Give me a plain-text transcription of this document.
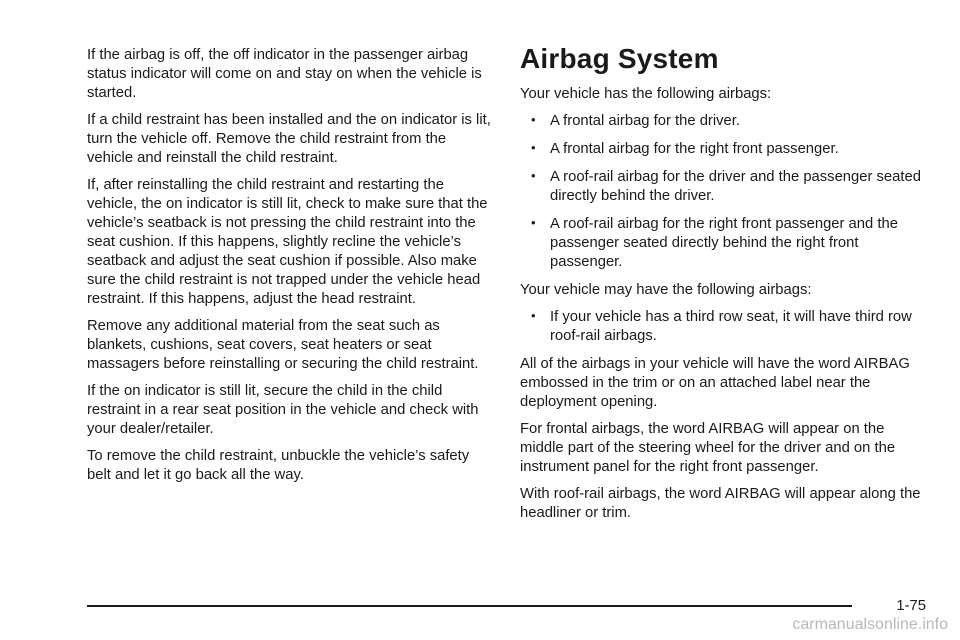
If the airbag is off, the off indicator in the passenger airbag status indicator will come on and stay on when the vehicle is started.

If a child restraint has been installed and the on indicator is lit, turn the vehicle off. Remove the child restraint from the vehicle and reinstall the child restraint.

If, after reinstalling the child restraint and restarting the vehicle, the on indicator is still lit, check to make sure that the vehicle’s seatback is not pressing the child restraint into the seat cushion. If this happens, slightly recline the vehicle’s seatback and adjust the seat cushion if possible. Also make sure the child restraint is not trapped under the vehicle head restraint. If this happens, adjust the head restraint.

Remove any additional material from the seat such as blankets, cushions, seat covers, seat heaters or seat massagers before reinstalling or securing the child restraint.

If the on indicator is still lit, secure the child in the child restraint in a rear seat position in the vehicle and check with your dealer/retailer.

To remove the child restraint, unbuckle the vehicle’s safety belt and let it go back all the way.

Airbag System

Your vehicle has the following airbags:

• A frontal airbag for the driver.
• A frontal airbag for the right front passenger.
• A roof-rail airbag for the driver and the passenger seated directly behind the driver.
• A roof-rail airbag for the right front passenger and the passenger seated directly behind the right front passenger.

Your vehicle may have the following airbags:

• If your vehicle has a third row seat, it will have third row roof-rail airbags.

All of the airbags in your vehicle will have the word AIRBAG embossed in the trim or on an attached label near the deployment opening.

For frontal airbags, the word AIRBAG will appear on the middle part of the steering wheel for the driver and on the instrument panel for the right front passenger.

With roof-rail airbags, the word AIRBAG will appear along the headliner or trim.

1-75
carmanualsonline.info
